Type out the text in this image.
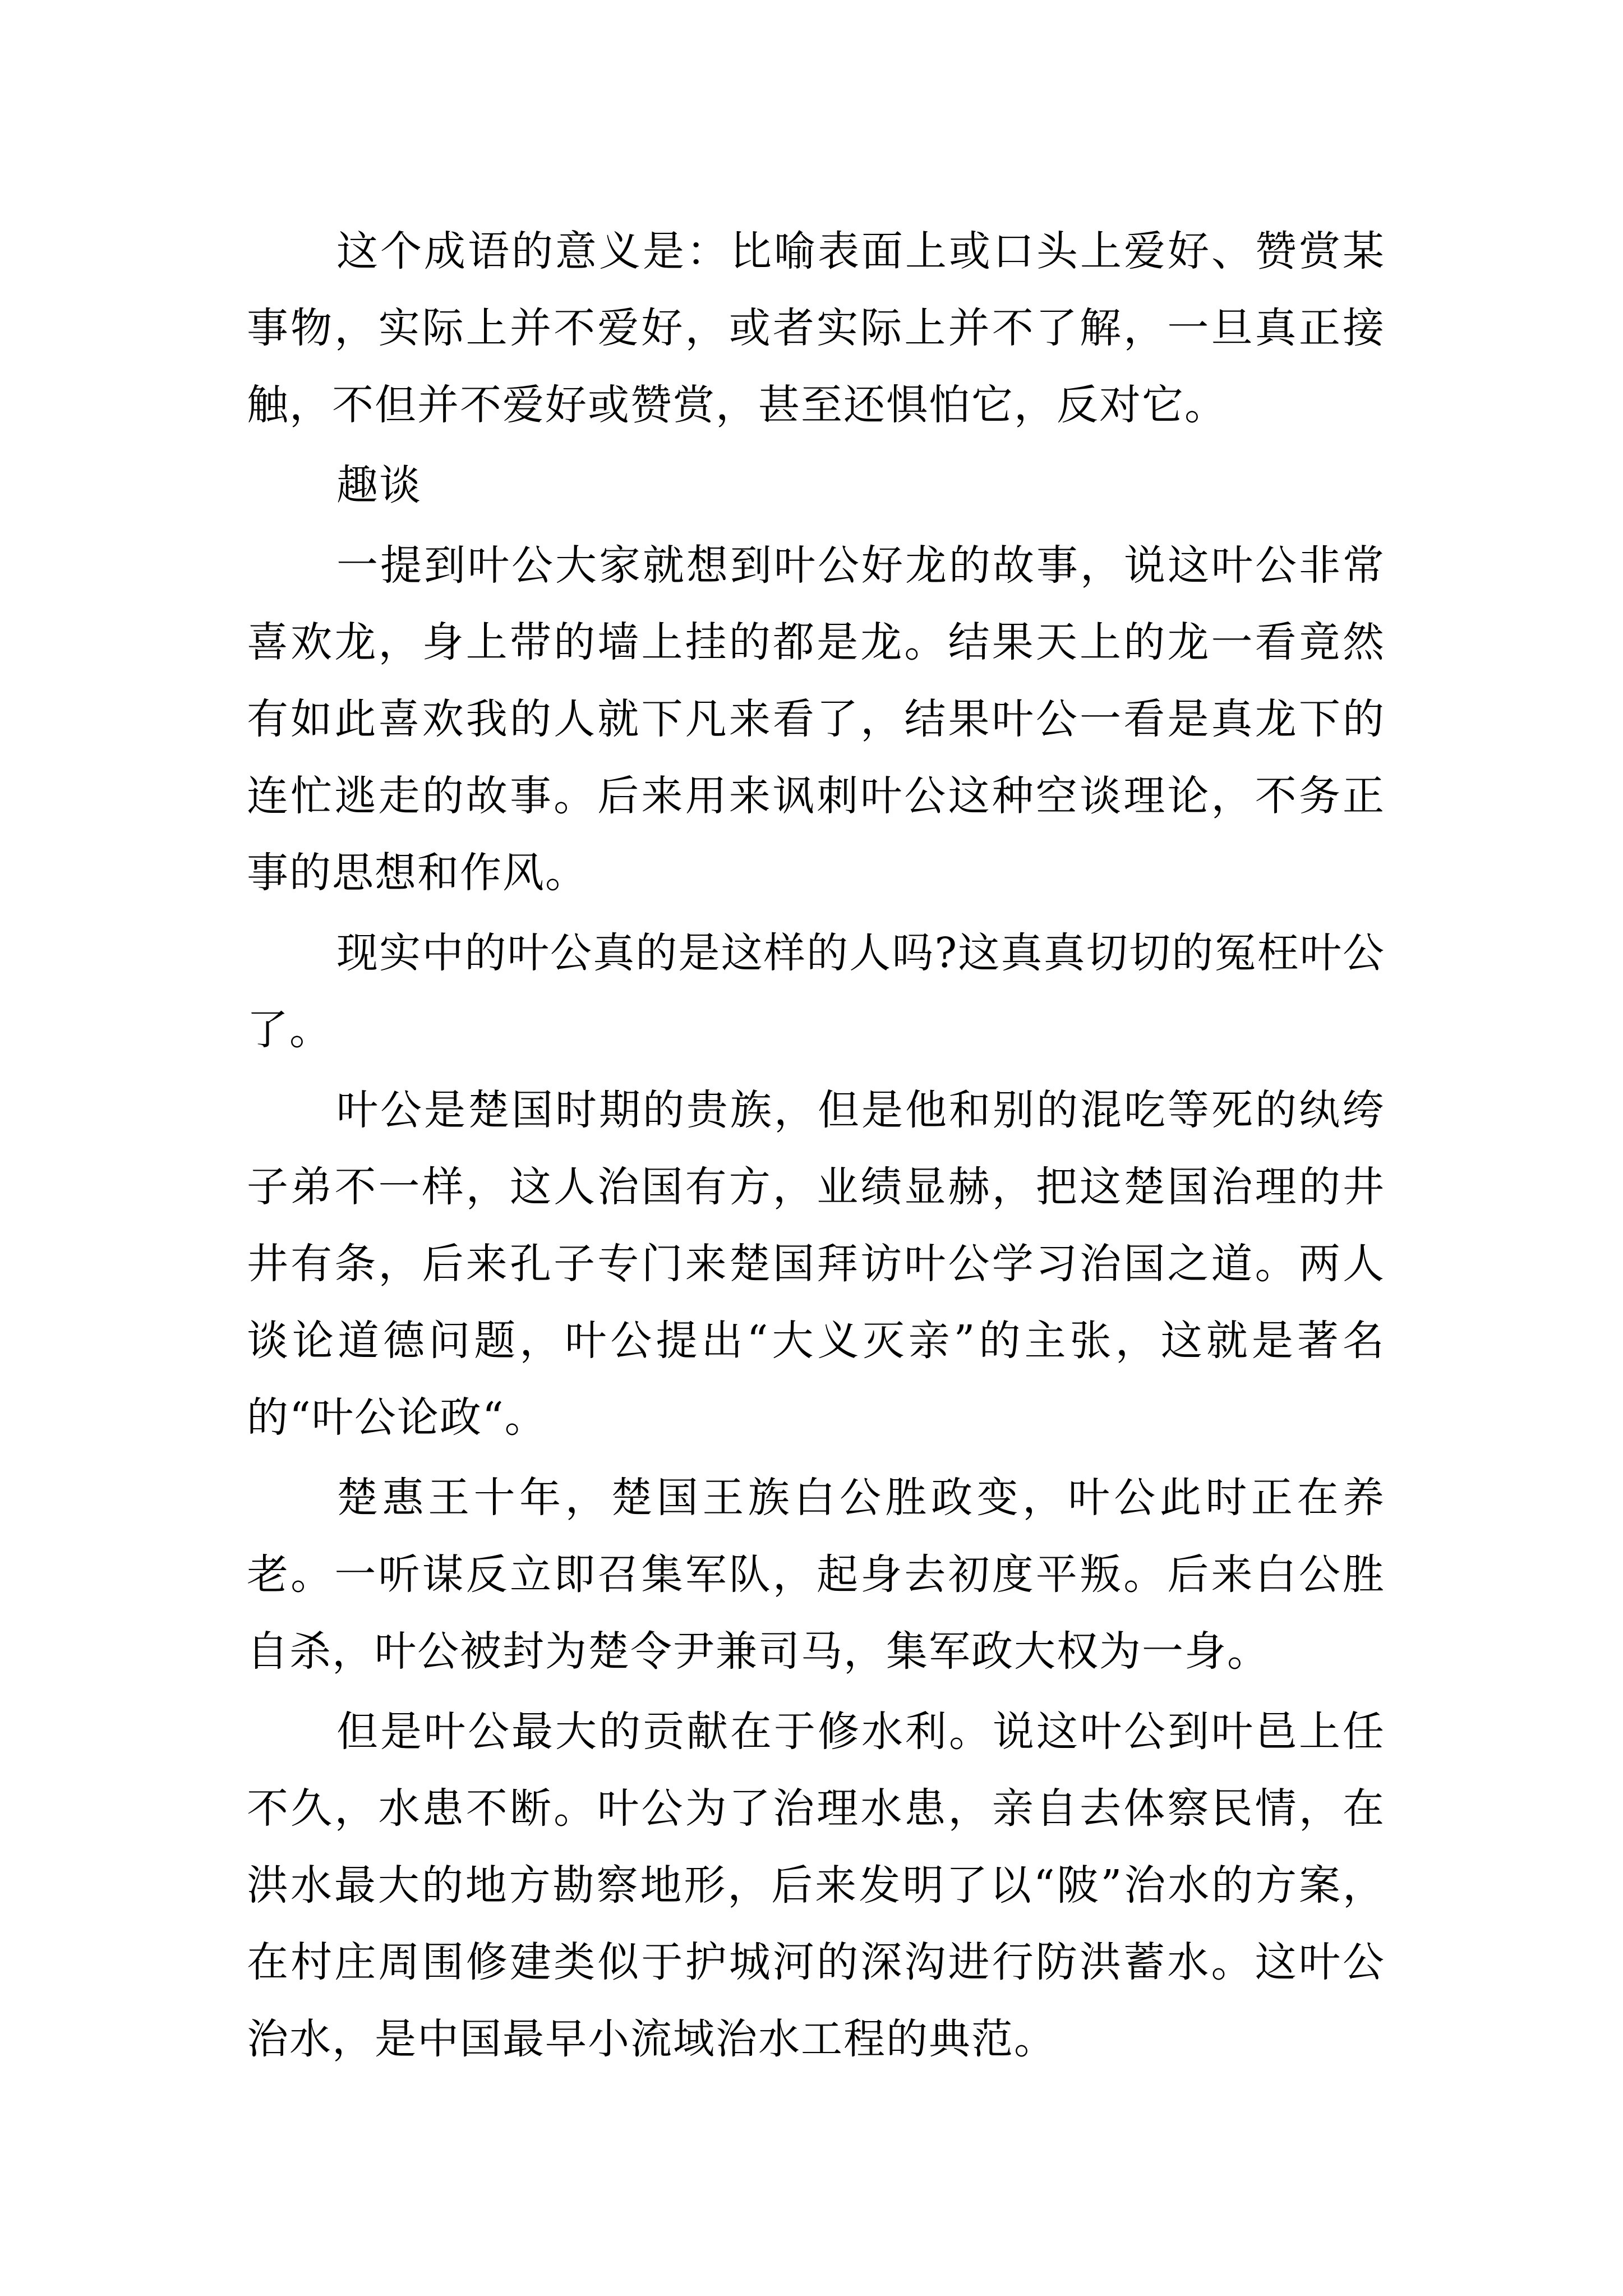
这个成语的意义是：比喻表面上或口头上爱好、赞赏某事物，实际上并不爱好，或者实际上并不了解，一旦真正接触，不但并不爱好或赞赏，甚至还惧怕它，反对它。

趣谈

一提到叶公大家就想到叶公好龙的故事，说这叶公非常喜欢龙，身上带的墙上挂的都是龙。结果天上的龙一看竟然有如此喜欢我的人就下凡来看了，结果叶公一看是真龙下的连忙逃走的故事。后来用来讽刺叶公这种空谈理论，不务正事的思想和作风。

现实中的叶公真的是这样的人吗?这真真切切的冤枉叶公了。

叶公是楚国时期的贵族，但是他和别的混吃等死的纨绔子弟不一样，这人治国有方，业绩显赫，把这楚国治理的井井有条，后来孔子专门来楚国拜访叶公学习治国之道。两人谈论道德问题，叶公提出“大义灭亲”的主张，这就是著名的“叶公论政“。

楚惠王十年，楚国王族白公胜政变，叶公此时正在养老。一听谋反立即召集军队，起身去初度平叛。后来白公胜自杀，叶公被封为楚令尹兼司马，集军政大权为一身。

但是叶公最大的贡献在于修水利。说这叶公到叶邑上任不久，水患不断。叶公为了治理水患，亲自去体察民情，在洪水最大的地方勘察地形，后来发明了以“陂”治水的方案，在村庄周围修建类似于护城河的深沟进行防洪蓄水。这叶公治水，是中国最早小流域治水工程的典范。
